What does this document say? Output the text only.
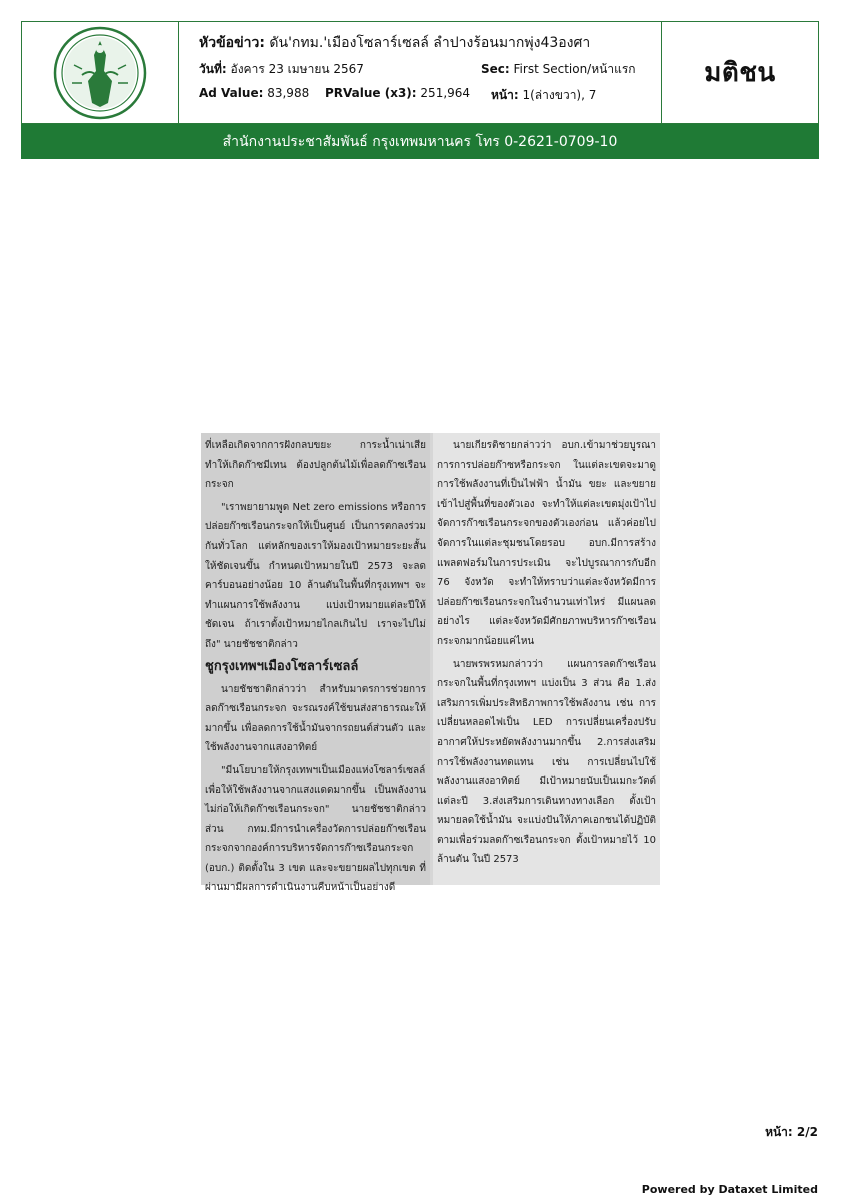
หัวข้อข่าว: ดัน'กทม.'เมืองโซลาร์เซลล์ ลำปางร้อนมากพุ่ง43องศา
วันที่: อังคาร 23 เมษายน 2567	Sec: First Section/หน้าแรก
Ad Value: 83,988 PRValue (x3): 251,964 หน้า: 1(ล่างขวา), 7
มติชน
สำนักงานประชาสัมพันธ์ กรุงเทพมหานคร โทร 0-2621-0709-10

ที่เหลือเกิดจากการฝังกลบขยะ การะน้ำเน่าเสีย ทำให้เกิดก๊าซมีเทน ต้องปลูกต้นไม้เพื่อลดก๊าซเรือนกระจก

"เราพยายามพูด Net zero emissions หรือการปล่อยก๊าซเรือนกระจกให้เป็นศูนย์ เป็นการตกลงร่วมกันทั่วโลก แต่หลักของเราให้มองเป้าหมายระยะสั้นให้ชัดเจนขึ้น กำหนดเป้าหมายในปี 2573 จะลดคาร์บอนอย่างน้อย 10 ล้านตันในพื้นที่กรุงเทพฯ จะทำแผนการใช้พลังงาน แบ่งเป้าหมายแต่ละปีให้ชัดเจน ถ้าเราตั้งเป้าหมายไกลเกินไป เราจะไปไม่ถึง" นายชัชชาติกล่าว

ชูกรุงเทพฯเมืองโซลาร์เซลล์

นายชัชชาติกล่าวว่า สำหรับมาตรการช่วยการลดก๊าซเรือนกระจก จะรณรงค์ใช้ขนส่งสาธารณะให้มากขึ้น เพื่อลดการใช้น้ำมันจากรถยนต์ส่วนตัว และใช้พลังงานจากแสงอาทิตย์

"มีนโยบายให้กรุงเทพฯเป็นเมืองแห่งโซลาร์เซลล์ เพื่อให้ใช้พลังงานจากแสงแดดมากขึ้น เป็นพลังงานไม่ก่อให้เกิดก๊าซเรือนกระจก" นายชัชชาติกล่าว ส่วน กทม.มีการนำเครื่องวัดการปล่อยก๊าซเรือนกระจกจากองค์การบริหารจัดการก๊าซเรือนกระจก (อบก.) ติดตั้งใน 3 เขต และจะขยายผลไปทุกเขต ที่ผ่านมามีผลการดำเนินงานคืบหน้าเป็นอย่างดี

นายเกียรติชายกล่าวว่า อบก.เข้ามาช่วยบูรณาการการปล่อยก๊าซหรือกระจก ในแต่ละเขตจะมาดูการใช้พลังงานที่เป็นไฟฟ้า น้ำมัน ขยะ และขยายเข้าไปสู่พื้นที่ของตัวเอง จะทำให้แต่ละเขตมุ่งเป้าไปจัดการก๊าซเรือนกระจกของตัวเองก่อน แล้วค่อยไปจัดการในแต่ละชุมชนโดยรอบ อบก.มีการสร้างแพลตฟอร์มในการประเมิน จะไปบูรณาการกับอีก 76 จังหวัด จะทำให้ทราบว่าแต่ละจังหวัดมีการปล่อยก๊าซเรือนกระจกในจำนวนเท่าไหร่ มีแผนลดอย่างไร แต่ละจังหวัดมีศักยภาพบริหารก๊าซเรือนกระจกมากน้อยแค่ไหน

นายพรพรหมกล่าวว่า แผนการลดก๊าซเรือนกระจกในพื้นที่กรุงเทพฯ แบ่งเป็น 3 ส่วน คือ 1.ส่งเสริมการเพิ่มประสิทธิภาพการใช้พลังงาน เช่น การเปลี่ยนหลอดไฟเป็น LED การเปลี่ยนเครื่องปรับอากาศให้ประหยัดพลังงานมากขึ้น 2.การส่งเสริมการใช้พลังงานทดแทน เช่น การเปลี่ยนไปใช้พลังงานแสงอาทิตย์ มีเป้าหมายนับเป็นเมกะวัตต์แต่ละปี 3.ส่งเสริมการเดินทางทางเลือก ตั้งเป้าหมายลดใช้น้ำมัน จะแบ่งปันให้ภาคเอกชนได้ปฏิบัติตามเพื่อร่วมลดก๊าซเรือนกระจก ตั้งเป้าหมายไว้ 10 ล้านตัน ในปี 2573

หน้า: 2/2
Powered by Dataxet Limited
